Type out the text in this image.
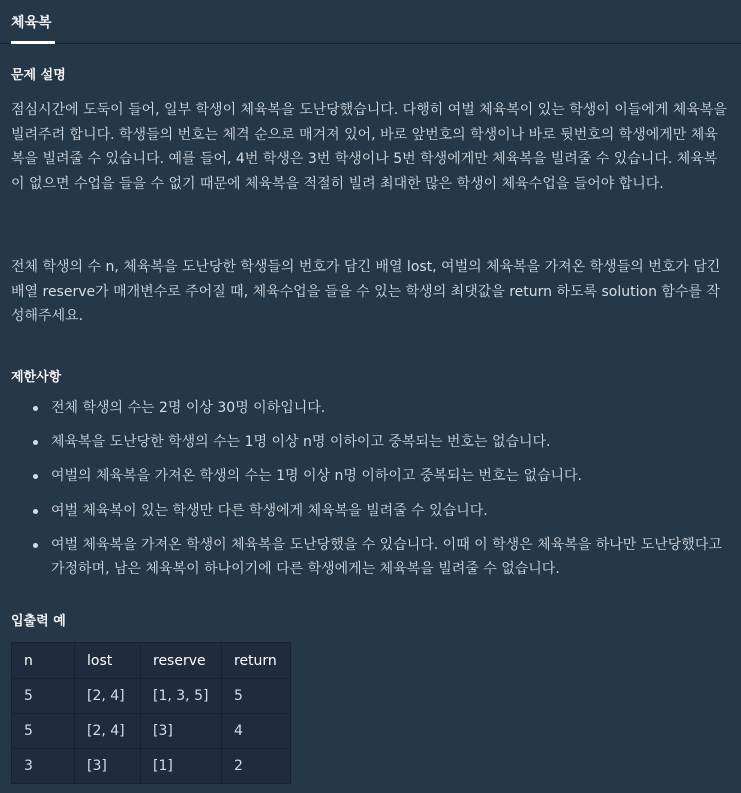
체육복
문제 설명

점심시간에 도둑이 들어, 일부 학생이 체육복을 도난당했습니다. 다행히 여벌 체육복이 있는 학생이 이들에게 체육복을 빌려주려 합니다. 학생들의 번호는 체격 순으로 매겨져 있어, 바로 앞번호의 학생이나 바로 뒷번호의 학생에게만 체육복을 빌려줄 수 있습니다. 예를 들어, 4번 학생은 3번 학생이나 5번 학생에게만 체육복을 빌려줄 수 있습니다. 체육복이 없으면 수업을 들을 수 없기 때문에 체육복을 적절히 빌려 최대한 많은 학생이 체육수업을 들어야 합니다.

전체 학생의 수 n, 체육복을 도난당한 학생들의 번호가 담긴 배열 lost, 여벌의 체육복을 가져온 학생들의 번호가 담긴 배열 reserve가 매개변수로 주어질 때, 체육수업을 들을 수 있는 학생의 최댓값을 return 하도록 solution 함수를 작성해주세요.

제한사항
전체 학생의 수는 2명 이상 30명 이하입니다.
체육복을 도난당한 학생의 수는 1명 이상 n명 이하이고 중복되는 번호는 없습니다.
여벌의 체육복을 가져온 학생의 수는 1명 이상 n명 이하이고 중복되는 번호는 없습니다.
여벌 체육복이 있는 학생만 다른 학생에게 체육복을 빌려줄 수 있습니다.
여벌 체육복을 가져온 학생이 체육복을 도난당했을 수 있습니다. 이때 이 학생은 체육복을 하나만 도난당했다고 가정하며, 남은 체육복이 하나이기에 다른 학생에게는 체육복을 빌려줄 수 없습니다.
입출력 예
n	lost	reserve	return
5	[2, 4]	[1, 3, 5]	5
5	[2, 4]	[3]	4
3	[3]	[1]	2
